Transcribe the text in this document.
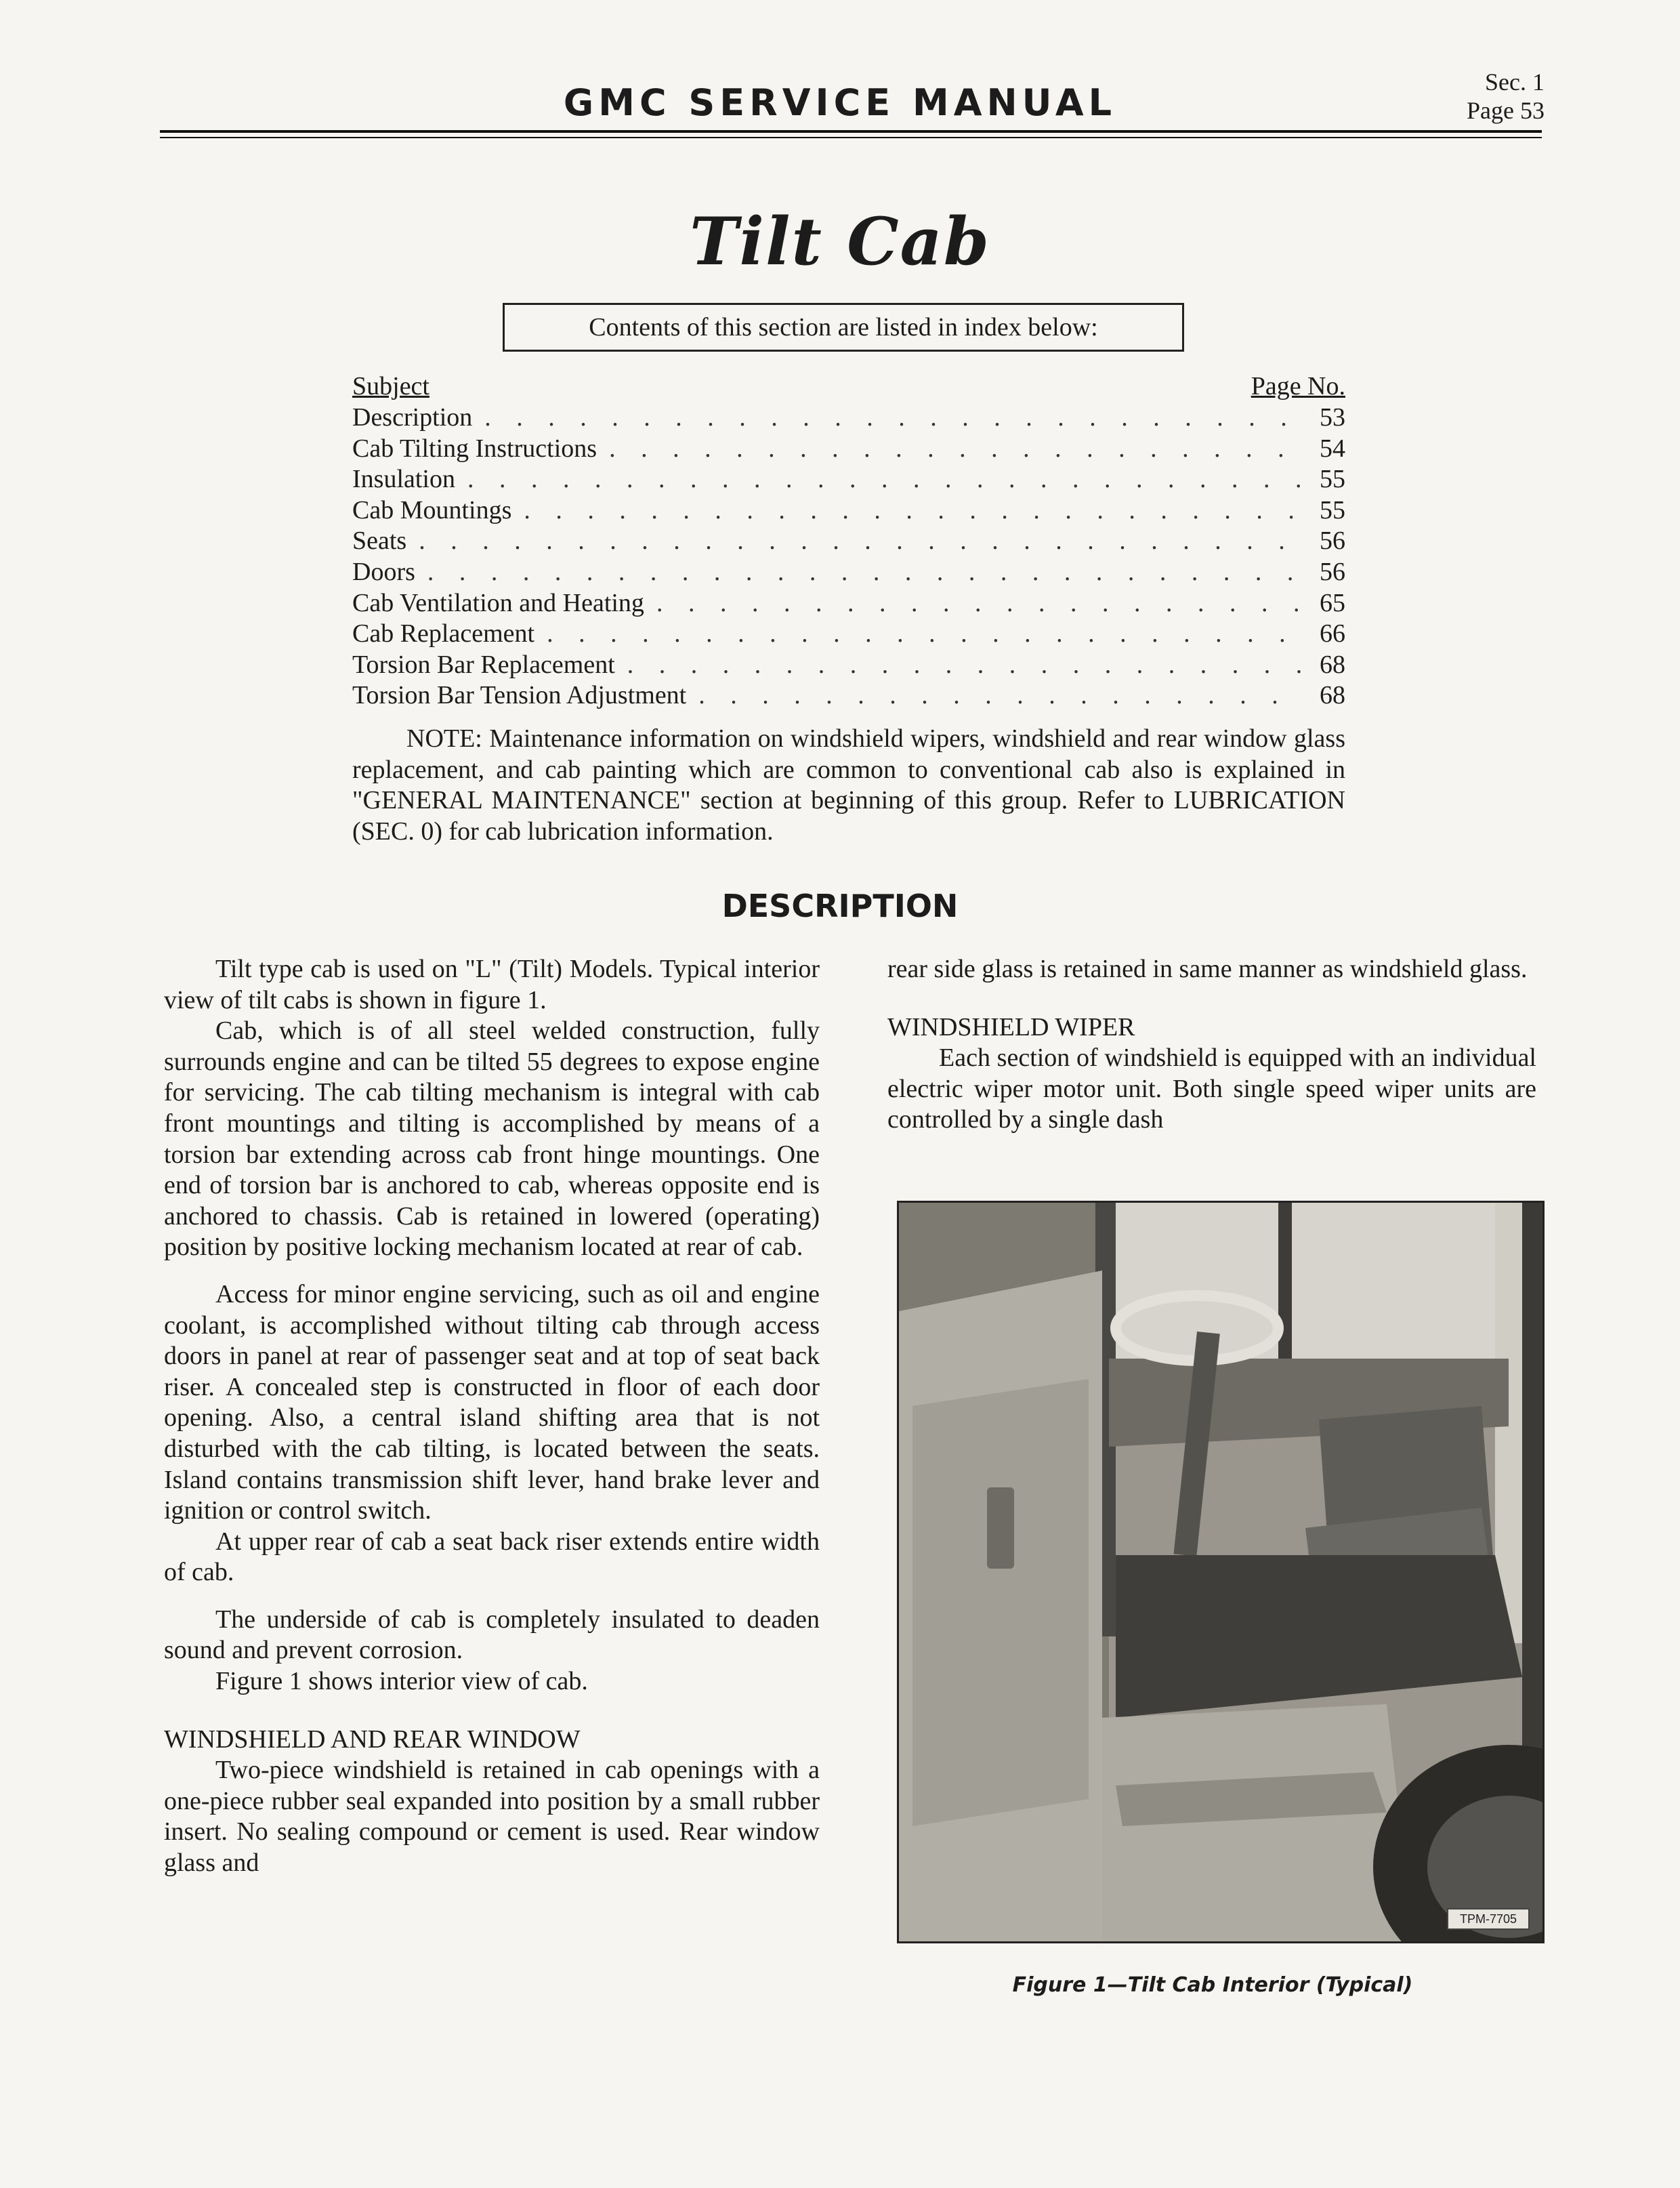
GMC SERVICE MANUAL	Sec. 1
Page 53
Tilt Cab
Contents of this section are listed in index below:
Subject	Page No.
Description . . .	53
Cab Tilting Instructions . . .	54
Insulation . . .	55
Cab Mountings . . .	55
Seats . . .	56
Doors . . .	56
Cab Ventilation and Heating . . .	65
Cab Replacement . . .	66
Torsion Bar Replacement . . .	68
Torsion Bar Tension Adjustment . . .	68
NOTE: Maintenance information on windshield wipers, windshield and rear window glass replacement, and cab painting which are common to conventional cab also is explained in "GENERAL MAINTENANCE" section at beginning of this group. Refer to LUBRICATION (SEC. 0) for cab lubrication information.
DESCRIPTION

Tilt type cab is used on "L" (Tilt) Models. Typical interior view of tilt cabs is shown in figure 1.

Cab, which is of all steel welded construction, fully surrounds engine and can be tilted 55 degrees to expose engine for servicing. The cab tilting mechanism is integral with cab front mountings and tilting is accomplished by means of a torsion bar extending across cab front hinge mountings. One end of torsion bar is anchored to cab, whereas opposite end is anchored to chassis. Cab is retained in lowered (operating) position by positive locking mechanism located at rear of cab.

Access for minor engine servicing, such as oil and engine coolant, is accomplished without tilting cab through access doors in panel at rear of passenger seat and at top of seat back riser. A concealed step is constructed in floor of each door opening. Also, a central island shifting area that is not disturbed with the cab tilting, is located between the seats. Island contains transmission shift lever, hand brake lever and ignition or control switch.

At upper rear of cab a seat back riser extends entire width of cab.

The underside of cab is completely insulated to deaden sound and prevent corrosion.

Figure 1 shows interior view of cab.

WINDSHIELD AND REAR WINDOW

Two-piece windshield is retained in cab openings with a one-piece rubber seal expanded into position by a small rubber insert. No sealing compound or cement is used. Rear window glass and

rear side glass is retained in same manner as windshield glass.

WINDSHIELD WIPER

Each section of windshield is equipped with an individual electric wiper motor unit. Both single speed wiper units are controlled by a single dash

TPM-7705
Figure 1—Tilt Cab Interior (Typical)
